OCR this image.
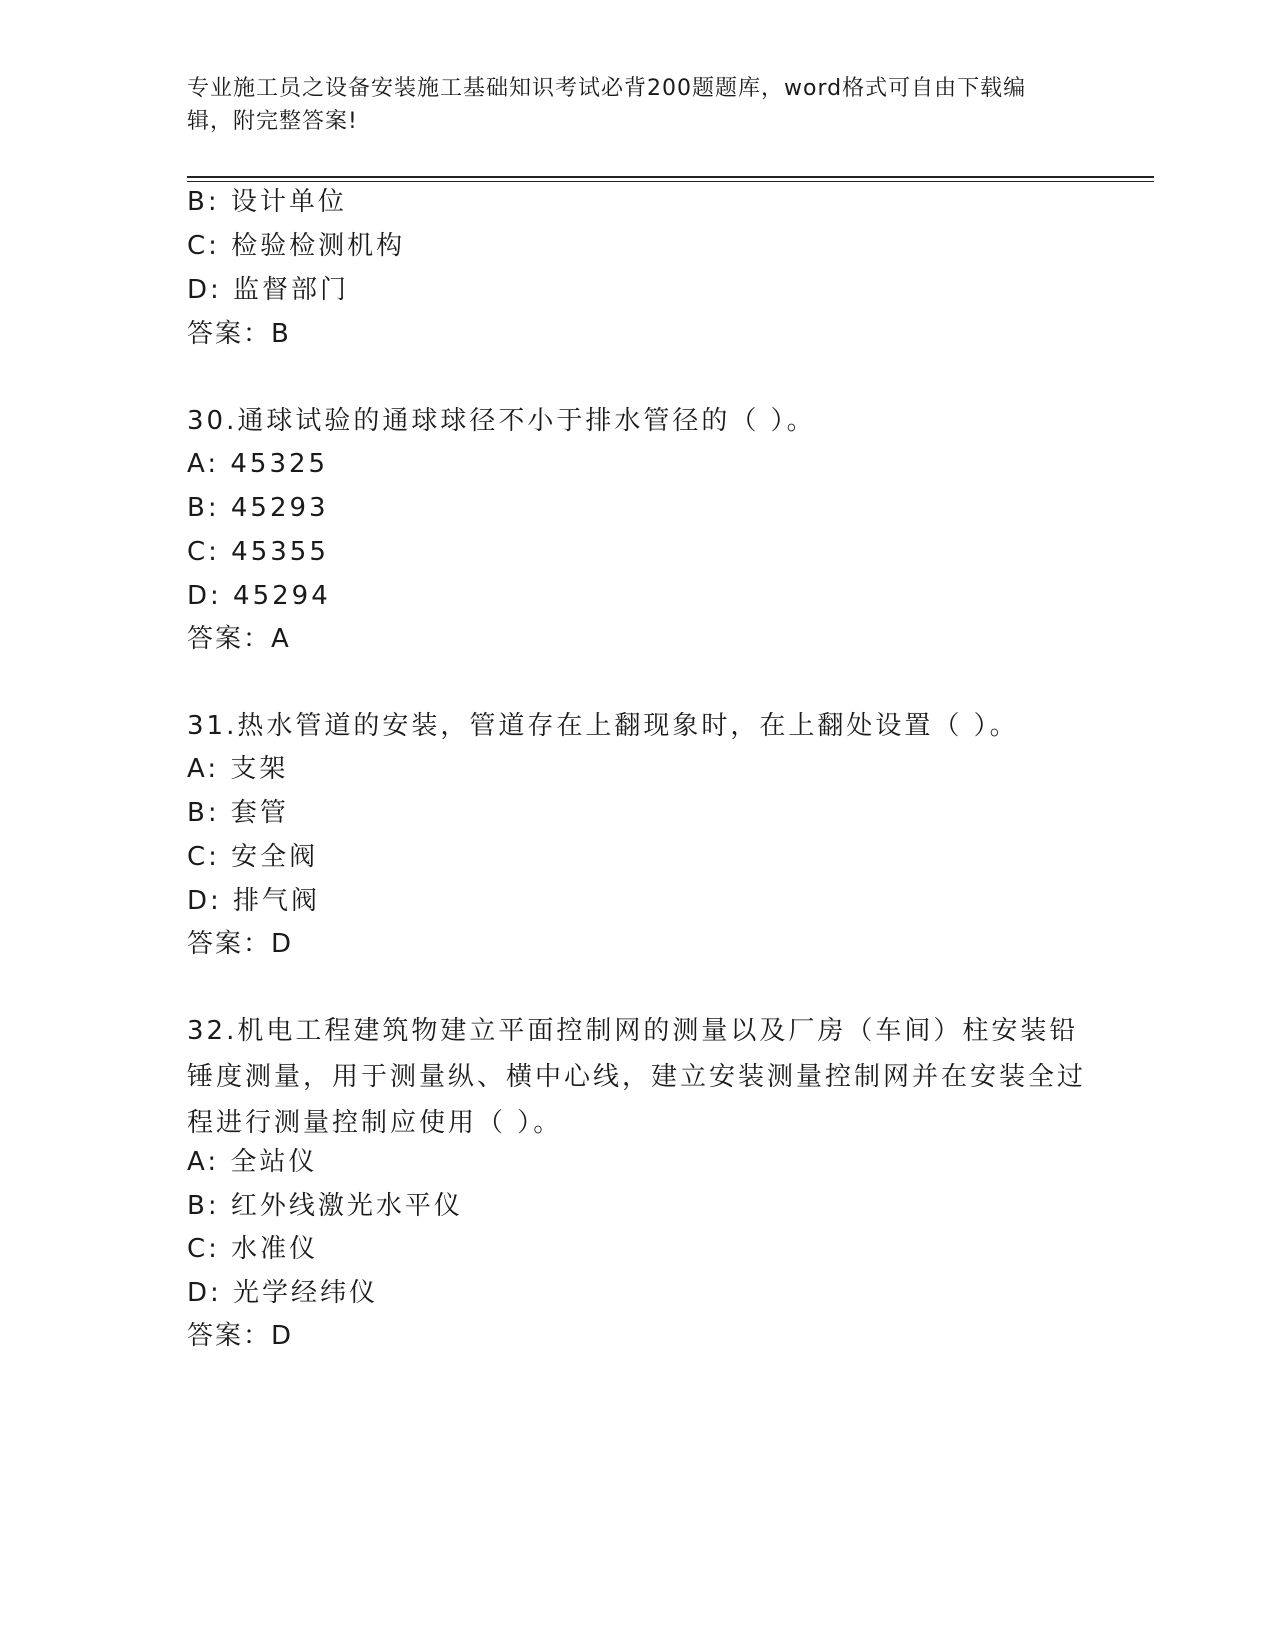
专业施工员之设备安装施工基础知识考试必背200题题库，word格式可自由下载编辑，附完整答案!
B: 设计单位
C: 检验检测机构
D: 监督部门
答案：B
30.通球试验的通球球径不小于排水管径的（ ）。
A: 45325
B: 45293
C: 45355
D: 45294
答案：A
31.热水管道的安装，管道存在上翻现象时，在上翻处设置（ ）。
A: 支架
B: 套管
C: 安全阀
D: 排气阀
答案：D
32.机电工程建筑物建立平面控制网的测量以及厂房（车间）柱安装铅锤度测量，用于测量纵、横中心线，建立安装测量控制网并在安装全过程进行测量控制应使用（ ）。
A: 全站仪
B: 红外线激光水平仪
C: 水准仪
D: 光学经纬仪
答案：D
